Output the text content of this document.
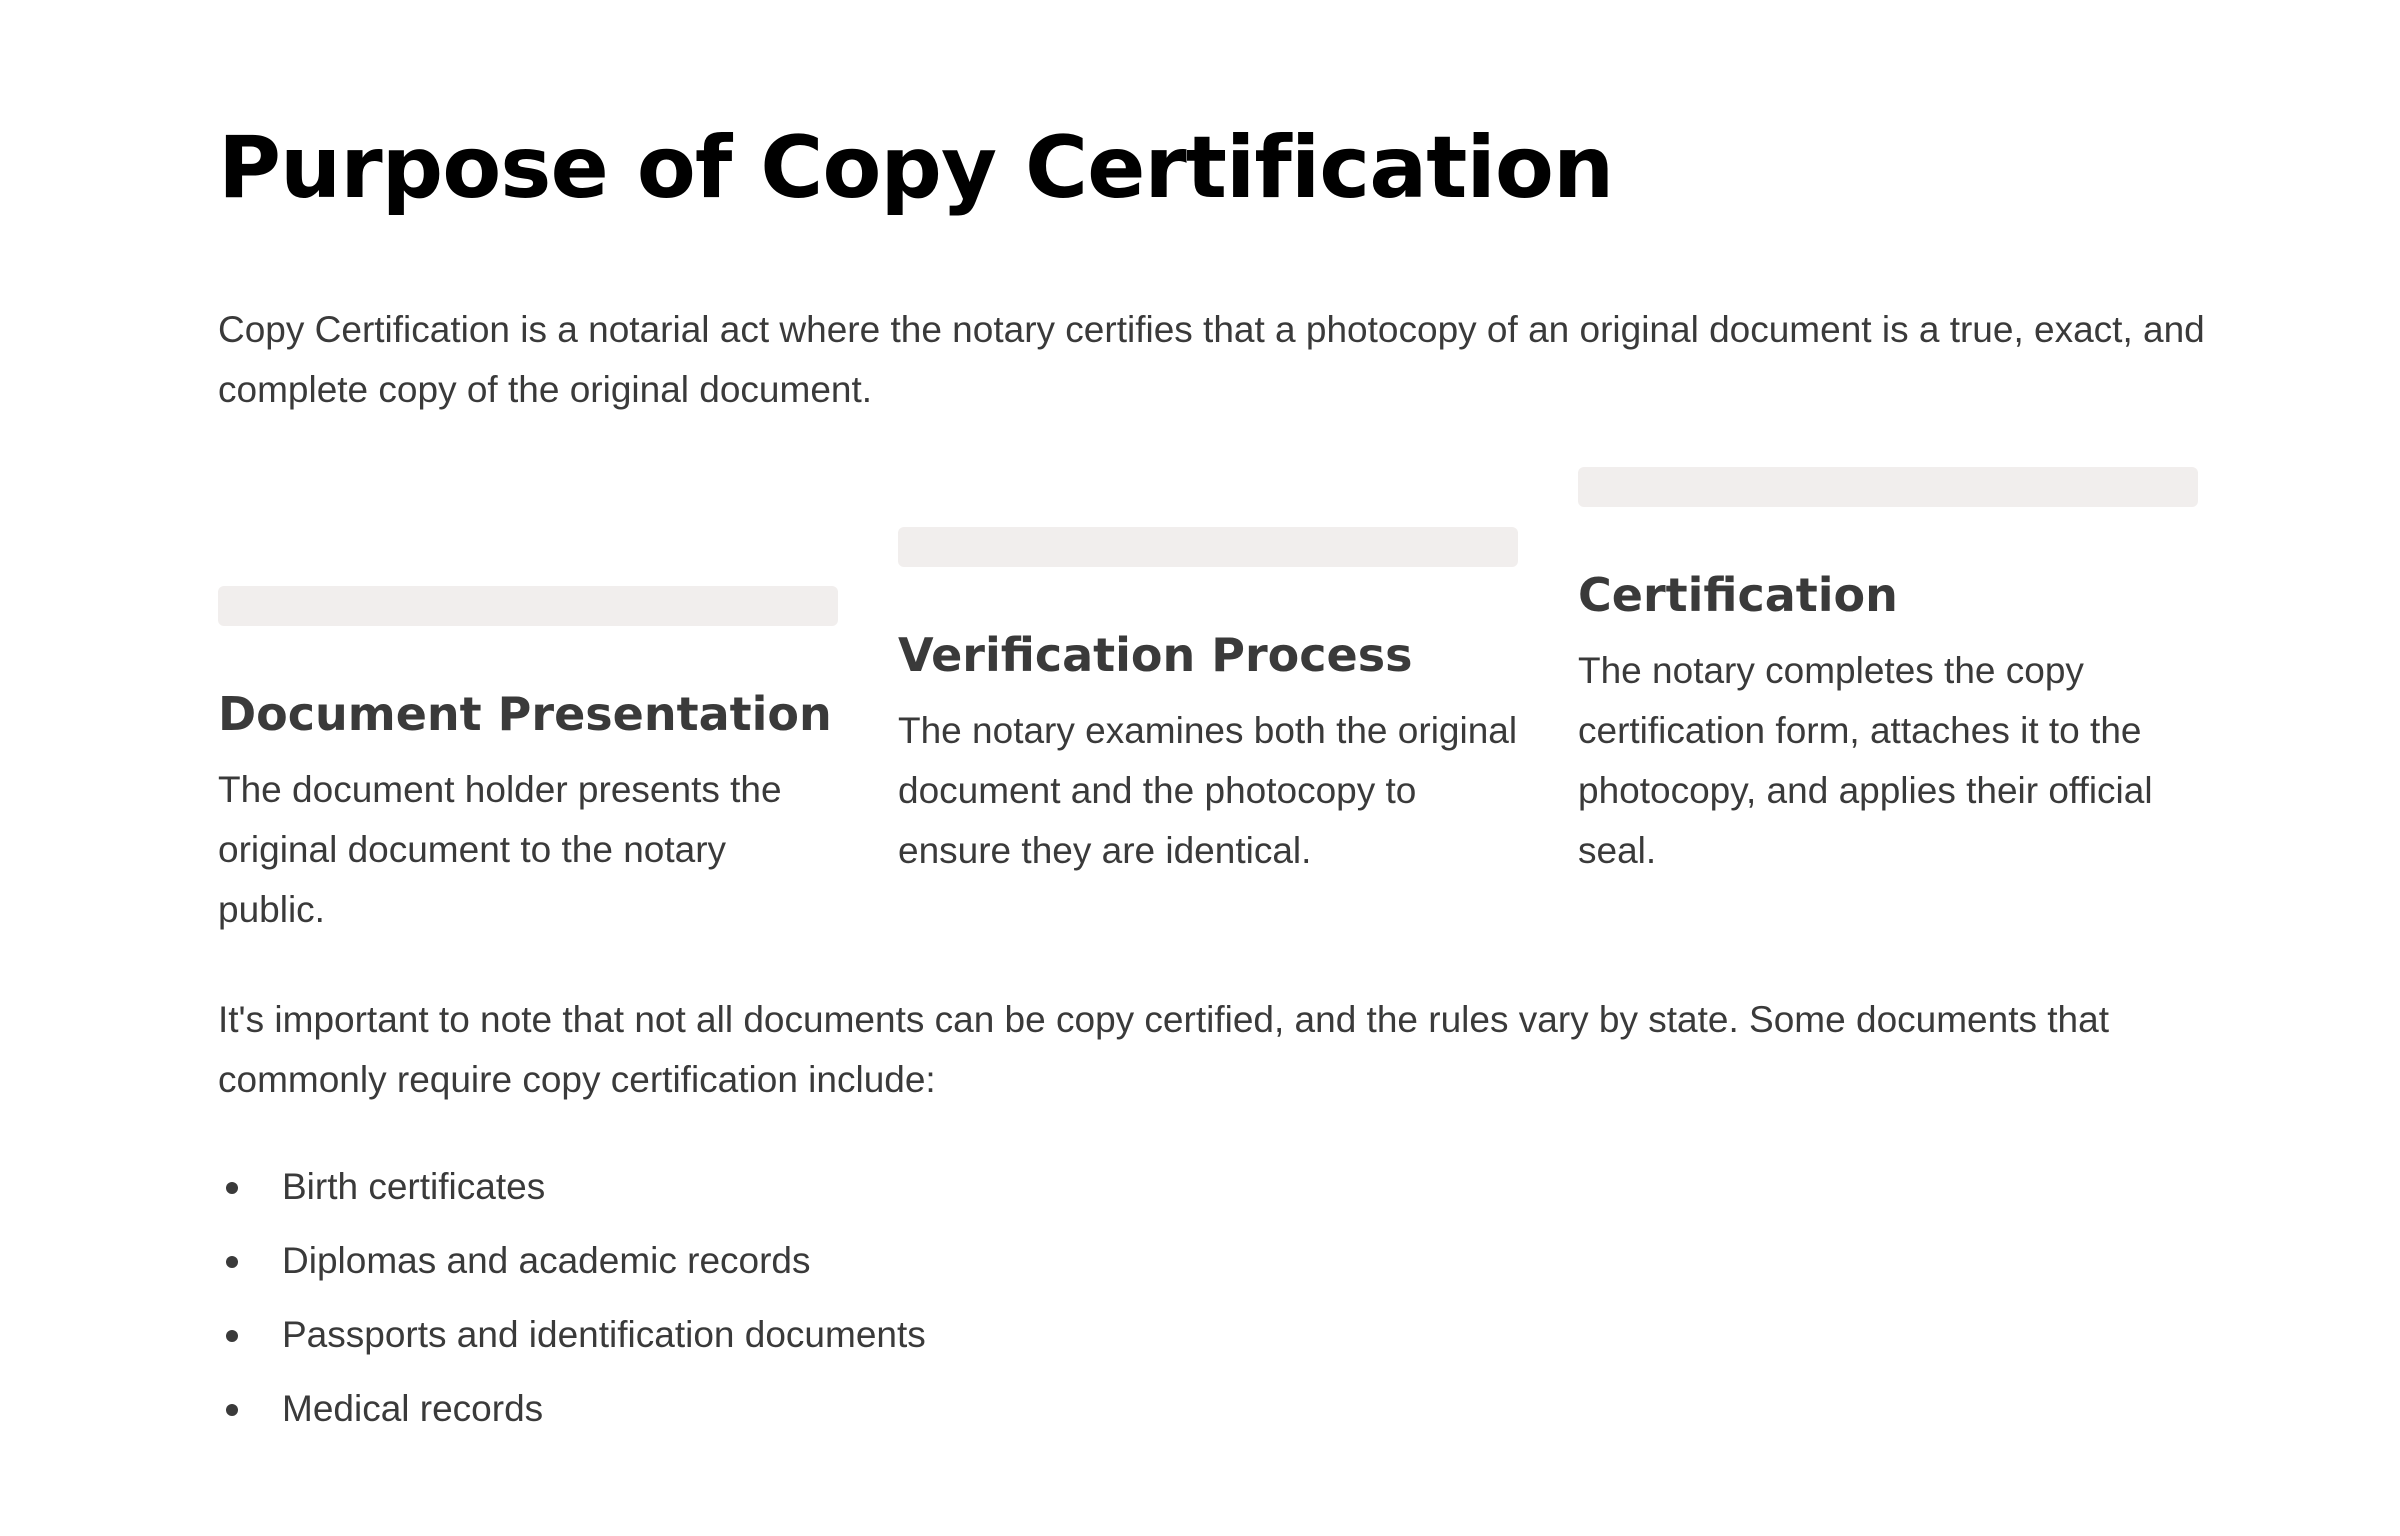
Purpose of Copy Certification

Copy Certification is a notarial act where the notary certifies that a photocopy of an original document is a true, exact, and complete copy of the original document.

Document Presentation

The document holder presents the original document to the notary public.

Verification Process

The notary examines both the original document and the photocopy to ensure they are identical.

Certification

The notary completes the copy certification form, attaches it to the photocopy, and applies their official seal.

It's important to note that not all documents can be copy certified, and the rules vary by state. Some documents that commonly require copy certification include:

Birth certificates
Diplomas and academic records
Passports and identification documents
Medical records
